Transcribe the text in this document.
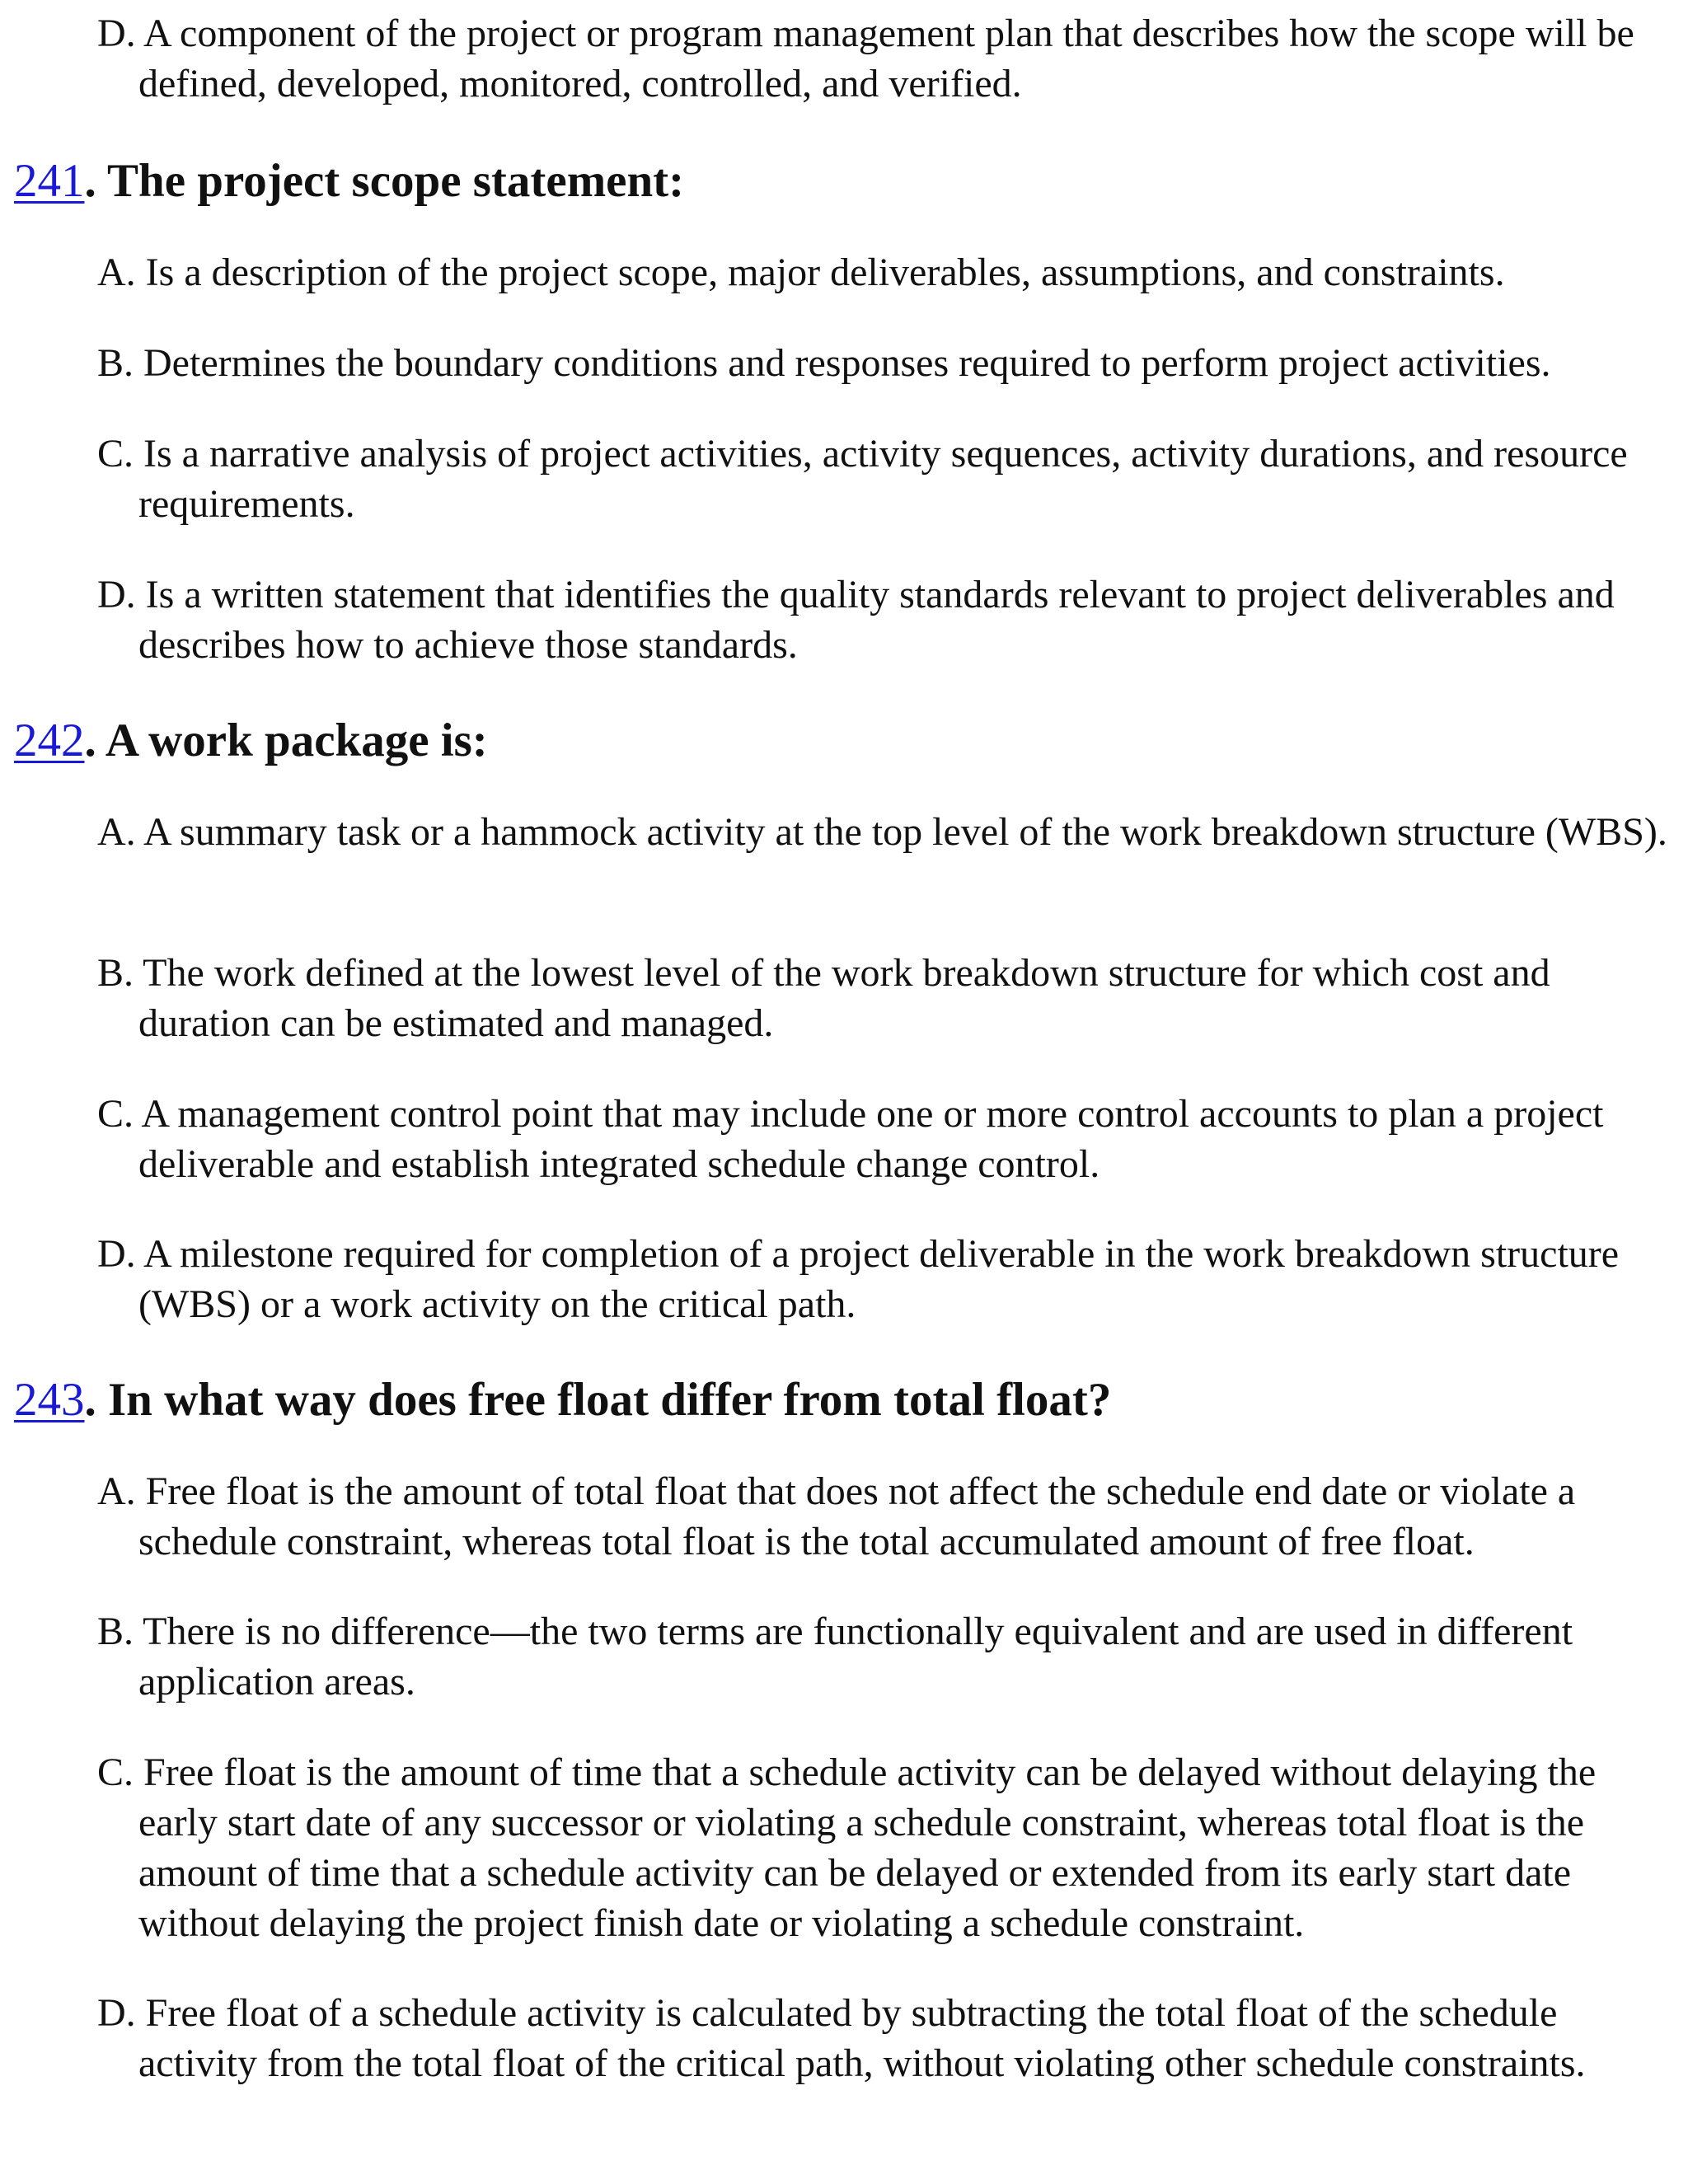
D. A component of the project or program management plan that describes how the scope will be defined, developed, monitored, controlled, and verified.

241. The project scope statement:

A. Is a description of the project scope, major deliverables, assumptions, and constraints.

B. Determines the boundary conditions and responses required to perform project activities.

C. Is a narrative analysis of project activities, activity sequences, activity durations, and resource requirements.

D. Is a written statement that identifies the quality standards relevant to project deliverables and describes how to achieve those standards.

242. A work package is:

A. A summary task or a hammock activity at the top level of the work breakdown structure (WBS).

B. The work defined at the lowest level of the work breakdown structure for which cost and duration can be estimated and managed.

C. A management control point that may include one or more control accounts to plan a project deliverable and establish integrated schedule change control.

D. A milestone required for completion of a project deliverable in the work breakdown structure (WBS) or a work activity on the critical path.

243. In what way does free float differ from total float?

A. Free float is the amount of total float that does not affect the schedule end date or violate a schedule constraint, whereas total float is the total accumulated amount of free float.

B. There is no difference—the two terms are functionally equivalent and are used in different application areas.

C. Free float is the amount of time that a schedule activity can be delayed without delaying the early start date of any successor or violating a schedule constraint, whereas total float is the amount of time that a schedule activity can be delayed or extended from its early start date without delaying the project finish date or violating a schedule constraint.

D. Free float of a schedule activity is calculated by subtracting the total float of the schedule activity from the total float of the critical path, without violating other schedule constraints.
